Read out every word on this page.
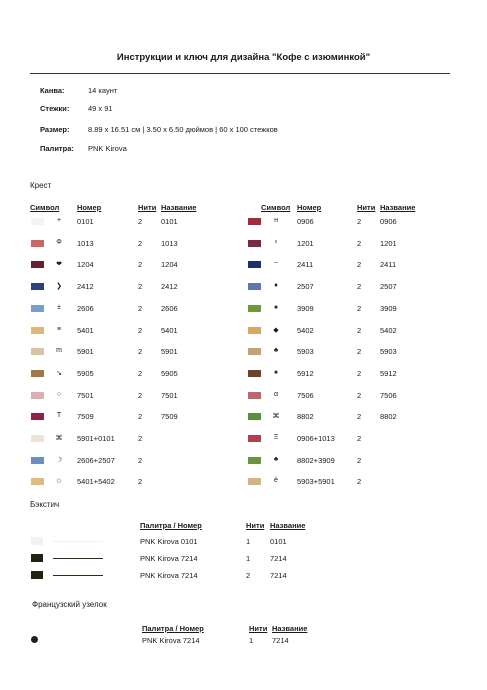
Инструкции и ключ для дизайна "Кофе с изюминкой"
Канва:	14 каунт
Стежки: 49 x 91
Размер: 8.89 x 16.51 см | 3.50 x 6.50 дюймов | 60 x 100 стежков
Палитра: PNK Kirova
Крест
Символ Номер	Нити Название	Символ Номер	Нити Название
+	0101	2	0101
Φ	1013	2	1013
❤	1204	2	1204
❯	2412	2	2412
±	2606	2	2606
≡	5401	2	5401
m	5901	2	5901
↘	5905	2	5905
○	7501	2	7501
T	7509	2	7509
⌘	5901+0101	2
☽	2606+2507	2
☆	5401+5402	2
н	0906	2	0906
♀	1201	2	1201
~	2411	2	2411
♦	2507	2	2507
♠	3909	2	3909
◆	5402	2	5402
♣	5903	2	5903
♠	5912	2	5912
α	7506	2	7506
⌘	8802	2	8802
Ξ	0906+1013	2
♣	8802+3909	2
è	5903+5901	2
Бэкстич
Палитра / Номер	Нити Название
PNK Kirova 0101	1	0101
PNK Kirova 7214	1	7214
PNK Kirova 7214	2	7214
Французский узелок
Палитра / Номер	Нити Название
PNK Kirova 7214	1	7214
